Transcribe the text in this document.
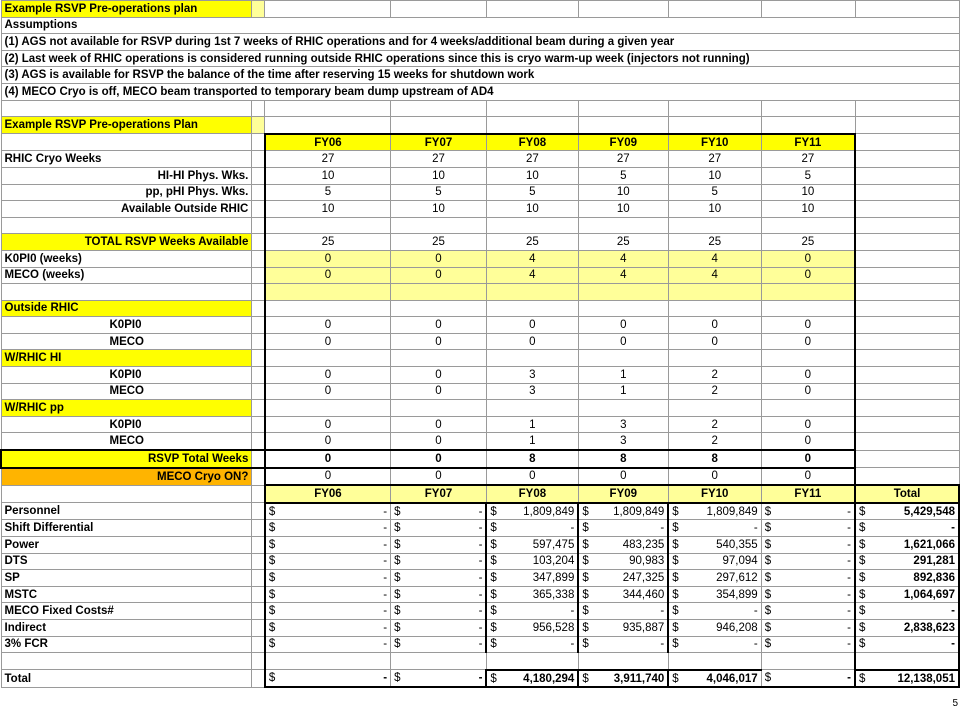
Example RSVP Pre-operations plan								
Assumptions								
(1) AGS not available for RSVP during 1st 7 weeks of RHIC operations and for 4 weeks/additional beam during a given year								
(2) Last week of RHIC operations is considered running outside RHIC operations since this is cryo warm-up week (injectors not running)								
(3) AGS is available for RSVP the balance of the time after reserving 15 weeks for shutdown work								
(4) MECO Cryo is off, MECO beam transported to temporary beam dump upstream of AD4								

Example RSVP Pre-operations Plan								
		FY06	FY07	FY08	FY09	FY10	FY11	
RHIC Cryo Weeks		27	27	27	27	27	27	
HI-HI Phys. Wks.		10	10	10	5	10	5	
pp, pHI Phys. Wks.		5	5	5	10	5	10	
Available Outside RHIC		10	10	10	10	10	10	

TOTAL RSVP Weeks Available		25	25	25	25	25	25	
K0PI0 (weeks)		0	0	4	4	4	0	
MECO (weeks)		0	0	4	4	4	0	

Outside RHIC								
K0PI0		0	0	0	0	0	0	
MECO		0	0	0	0	0	0	
W/RHIC HI								
K0PI0		0	0	3	1	2	0	
MECO		0	0	3	1	2	0	
W/RHIC pp								
K0PI0		0	0	1	3	2	0	
MECO		0	0	1	3	2	0	
RSVP Total Weeks		0	0	8	8	8	0	
MECO Cryo ON?		0	0	0	0	0	0	
		FY06	FY07	FY08	FY09	FY10	FY11	Total
Personnel		$ -	$ -	$ 1,809,849	$ 1,809,849	$ 1,809,849	$ -	$ 5,429,548

Shift Differential		$ -	$ -	$ -	$ -	$ -	$ -	$ -

Power		$ -	$ -	$ 597,475	$ 483,235	$ 540,355	$ -	$ 1,621,066

DTS		$ -	$ -	$ 103,204	$ 90,983	$ 97,094	$ -	$ 291,281

SP		$ -	$ -	$ 347,899	$ 247,325	$ 297,612	$ -	$ 892,836

MSTC		$ -	$ -	$ 365,338	$ 344,460	$ 354,899	$ -	$ 1,064,697

MECO Fixed Costs#		$ -	$ -	$ -	$ -	$ -	$ -	$ -

Indirect		$ -	$ -	$ 956,528	$ 935,887	$ 946,208	$ -	$ 2,838,623

3% FCR		$ -	$ -	$ -	$ -	$ -	$ -	$ -

Total		$ -	$ -	$ 4,180,294	$ 3,911,740	$ 4,046,017	$ -	$ 12,138,051
5
